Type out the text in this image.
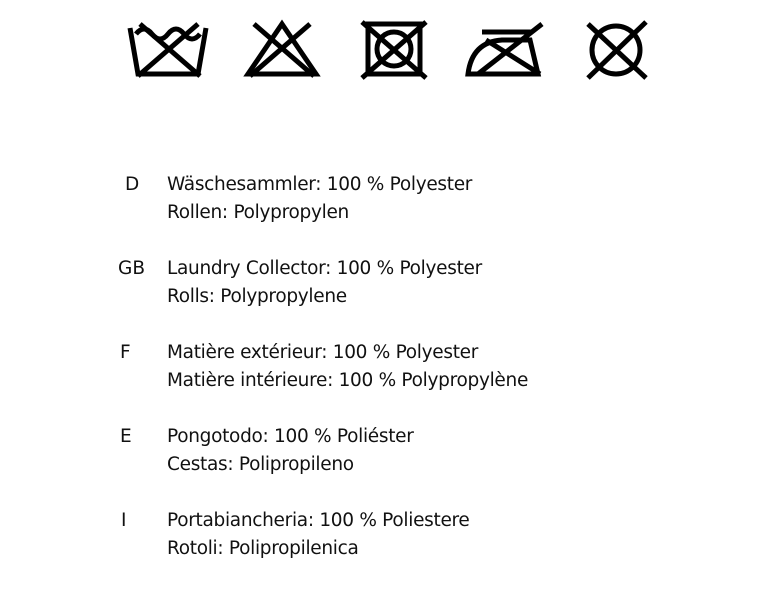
D	Wäschesammler: 100 % Polyester
Rollen: Polypropylen
GB	Laundry Collector: 100 % Polyester
Rolls: Polypropylene
F	Matière extérieur: 100 % Polyester
Matière intérieure: 100 % Polypropylène
E	Pongotodo: 100 % Poliéster
Cestas: Polipropileno
I	Portabiancheria: 100 % Poliestere
Rotoli: Polipropilenica
